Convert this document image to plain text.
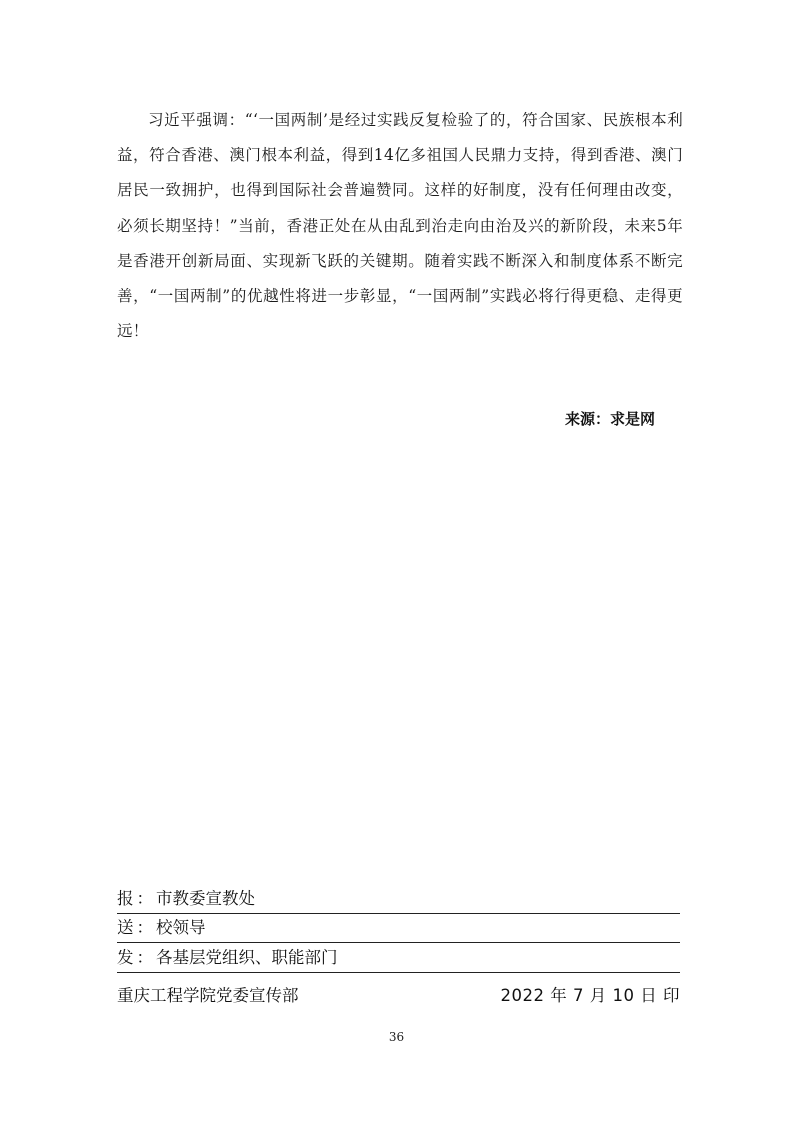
习近平强调：“‘一国两制’是经过实践反复检验了的，符合国家、民族根本利益，符合香港、澳门根本利益，得到14亿多祖国人民鼎力支持，得到香港、澳门居民一致拥护，也得到国际社会普遍赞同。这样的好制度，没有任何理由改变，必须长期坚持！”当前，香港正处在从由乱到治走向由治及兴的新阶段，未来5年是香港开创新局面、实现新飞跃的关键期。随着实践不断深入和制度体系不断完善，“一国两制”的优越性将进一步彰显，“一国两制”实践必将行得更稳、走得更远！

来源：求是网
报 ： 市教委宣教处
送 ： 校领导
发 ： 各基层党组织、职能部门
重庆工程学院党委宣传部	2022 年 7 月 10 日 印
36
